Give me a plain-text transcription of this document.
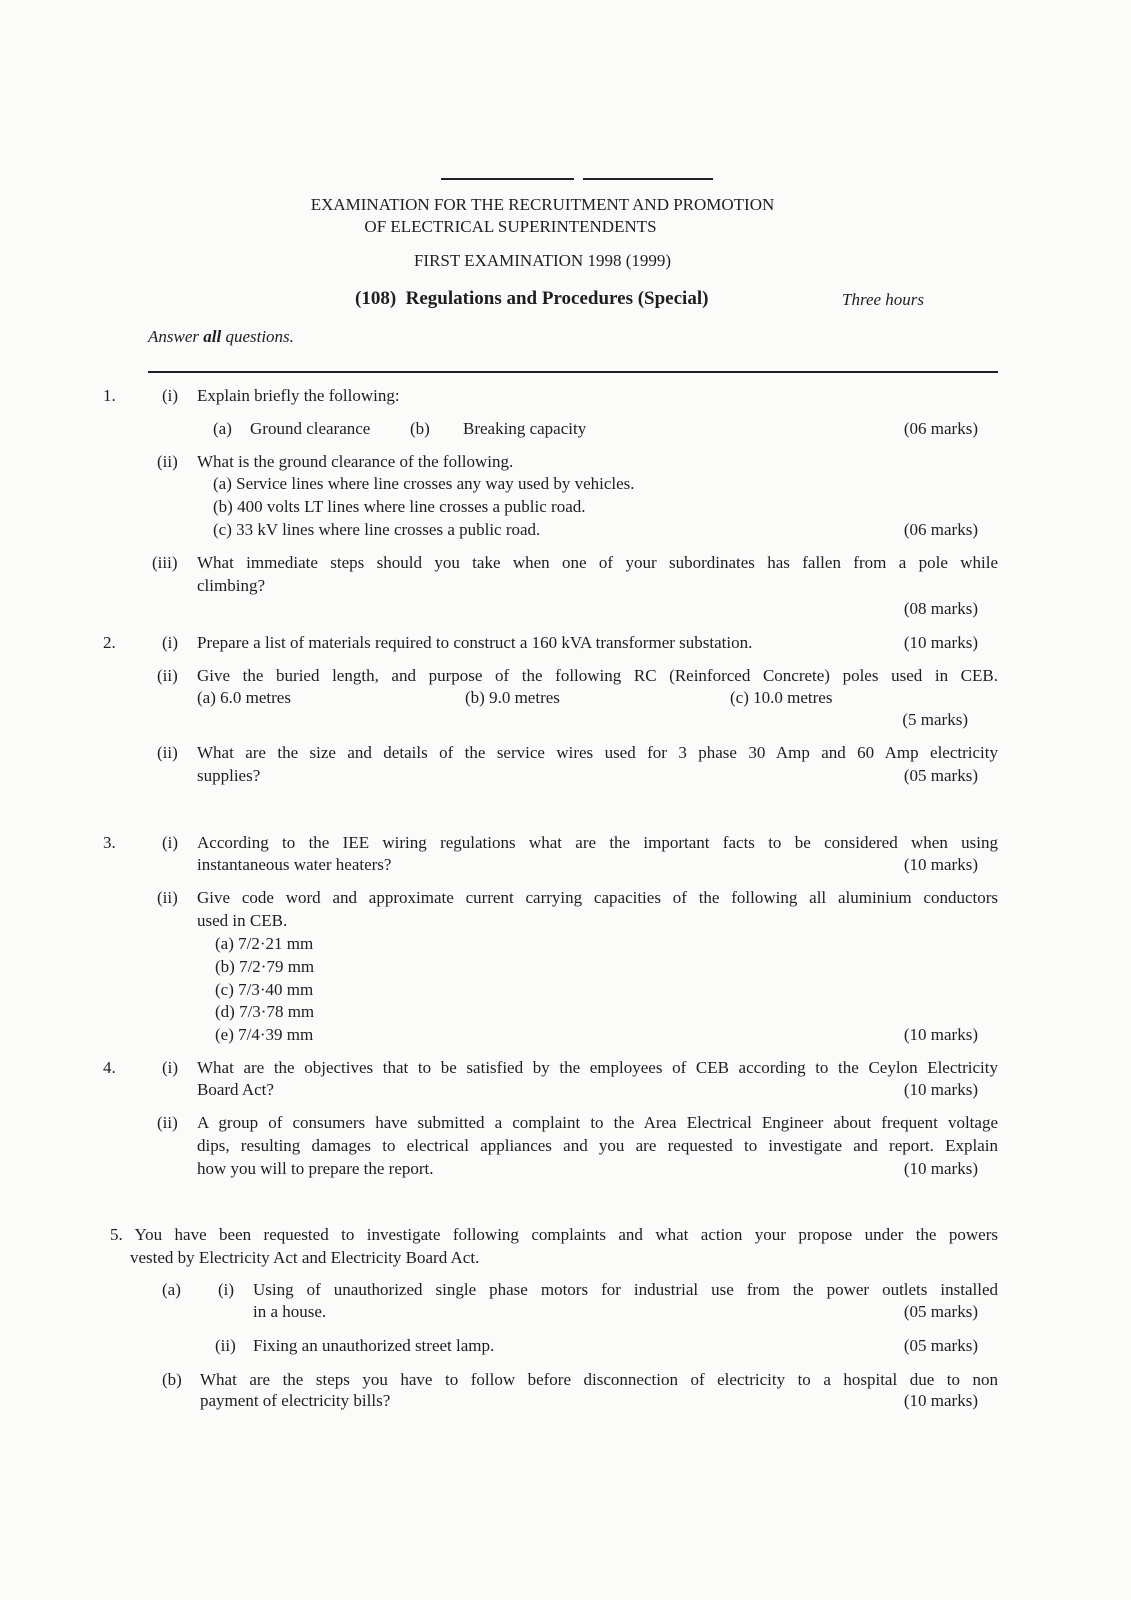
EXAMINATION FOR THE RECRUITMENT AND PROMOTION
OF ELECTRICAL SUPERINTENDENTS
FIRST EXAMINATION 1998 (1999)
(108) Regulations and Procedures (Special)	Three hours
Answer all questions.
1.	(i) Explain briefly the following:
(a) Ground clearance (b) Breaking capacity	(06 marks)
(ii) What is the ground clearance of the following.
(a) Service lines where line crosses any way used by vehicles.
(b) 400 volts LT lines where line crosses a public road.
(c) 33 kV lines where line crosses a public road.	(06 marks)
(iii) What immediate steps should you take when one of your subordinates has fallen from a pole while
climbing?
(08 marks)
2.	(i) Prepare a list of materials required to construct a 160 kVA transformer substation.	(10 marks)
(ii) Give the buried length, and purpose of the following RC (Reinforced Concrete) poles used in CEB.
(a) 6.0 metres	(b) 9.0 metres	(c) 10.0 metres
(5 marks)
(ii) What are the size and details of the service wires used for 3 phase 30 Amp and 60 Amp electricity
supplies?	(05 marks)
3.	(i) According to the IEE wiring regulations what are the important facts to be considered when using
instantaneous water heaters?	(10 marks)
(ii) Give code word and approximate current carrying capacities of the following all aluminium conductors
used in CEB.
(a) 7/2·21 mm
(b) 7/2·79 mm
(c) 7/3·40 mm
(d) 7/3·78 mm
(e) 7/4·39 mm	(10 marks)
4.	(i) What are the objectives that to be satisfied by the employees of CEB according to the Ceylon Electricity
Board Act?	(10 marks)
(ii) A group of consumers have submitted a complaint to the Area Electrical Engineer about frequent voltage
dips, resulting damages to electrical appliances and you are requested to investigate and report. Explain
how you will to prepare the report.	(10 marks)
5. You have been requested to investigate following complaints and what action your propose under the powers
vested by Electricity Act and Electricity Board Act.
(a) (i) Using of unauthorized single phase motors for industrial use from the power outlets installed
in a house.	(05 marks)
(ii) Fixing an unauthorized street lamp.	(05 marks)
(b) What are the steps you have to follow before disconnection of electricity to a hospital due to non
payment of electricity bills?	(10 marks)
